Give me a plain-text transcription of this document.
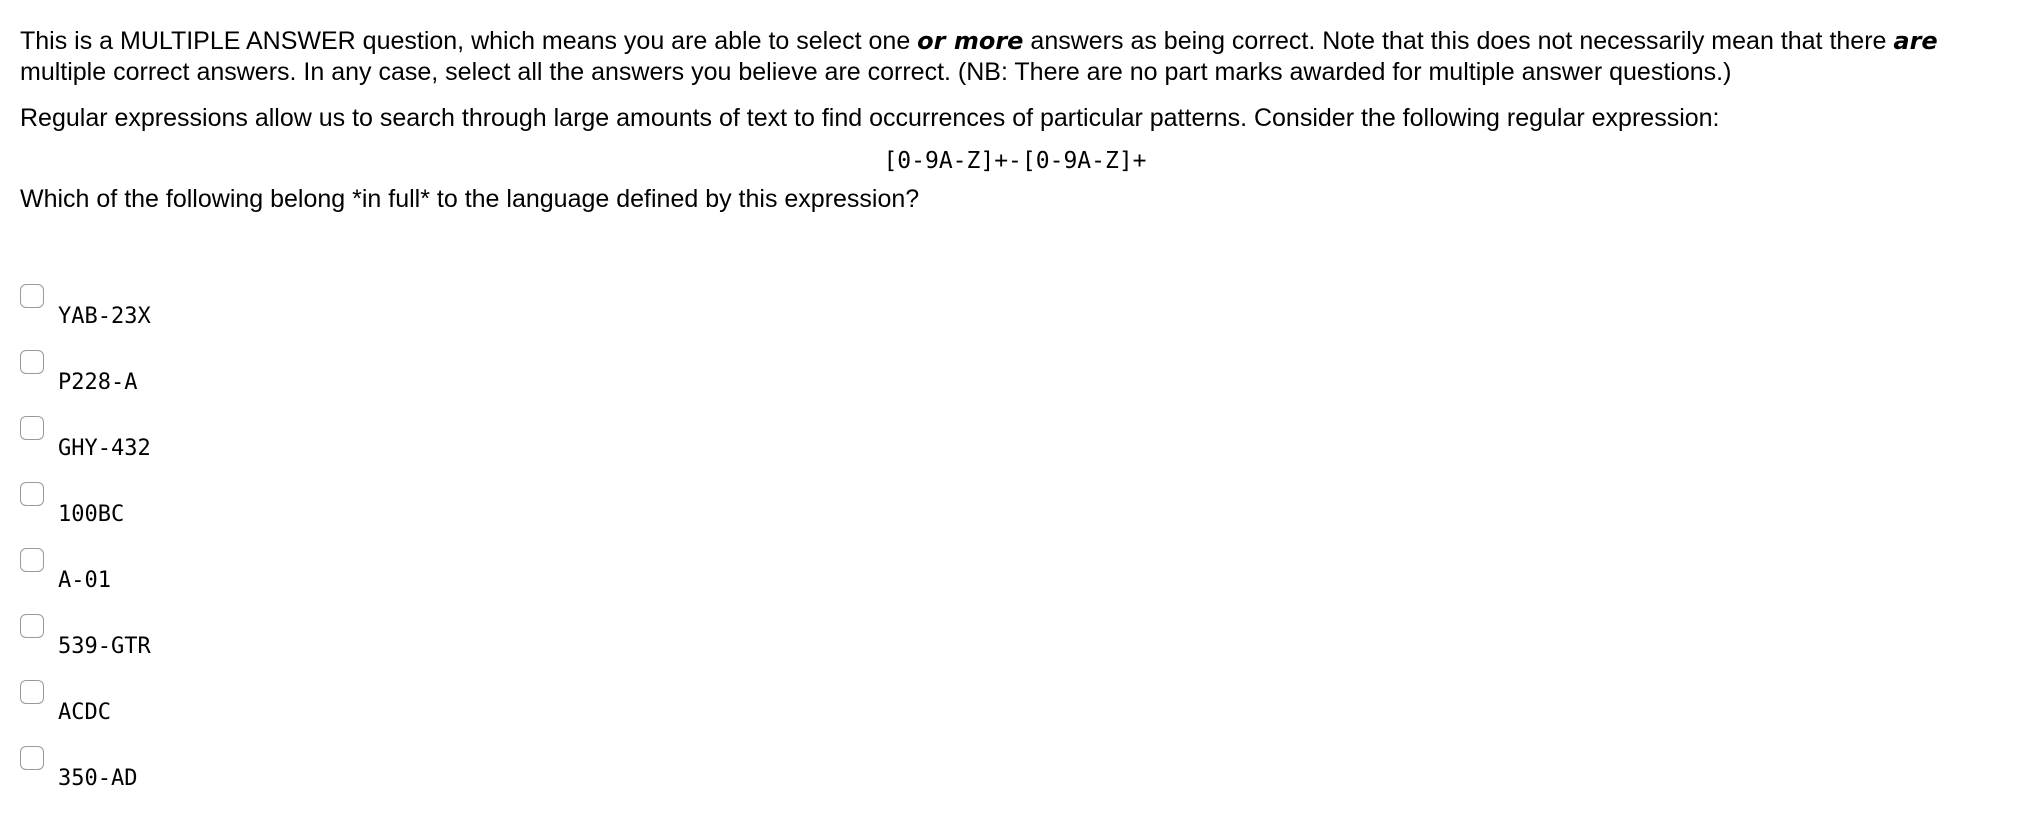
This is a MULTIPLE ANSWER question, which means you are able to select one or more answers as being correct. Note that this does not necessarily mean that there are multiple correct answers. In any case, select all the answers you believe are correct. (NB: There are no part marks awarded for multiple answer questions.)

Regular expressions allow us to search through large amounts of text to find occurrences of particular patterns. Consider the following regular expression:

[0-9A-Z]+-[0-9A-Z]+

Which of the following belong *in full* to the language defined by this expression?

YAB-23X
P228-A
GHY-432
100BC
A-01
539-GTR
ACDC
350-AD
